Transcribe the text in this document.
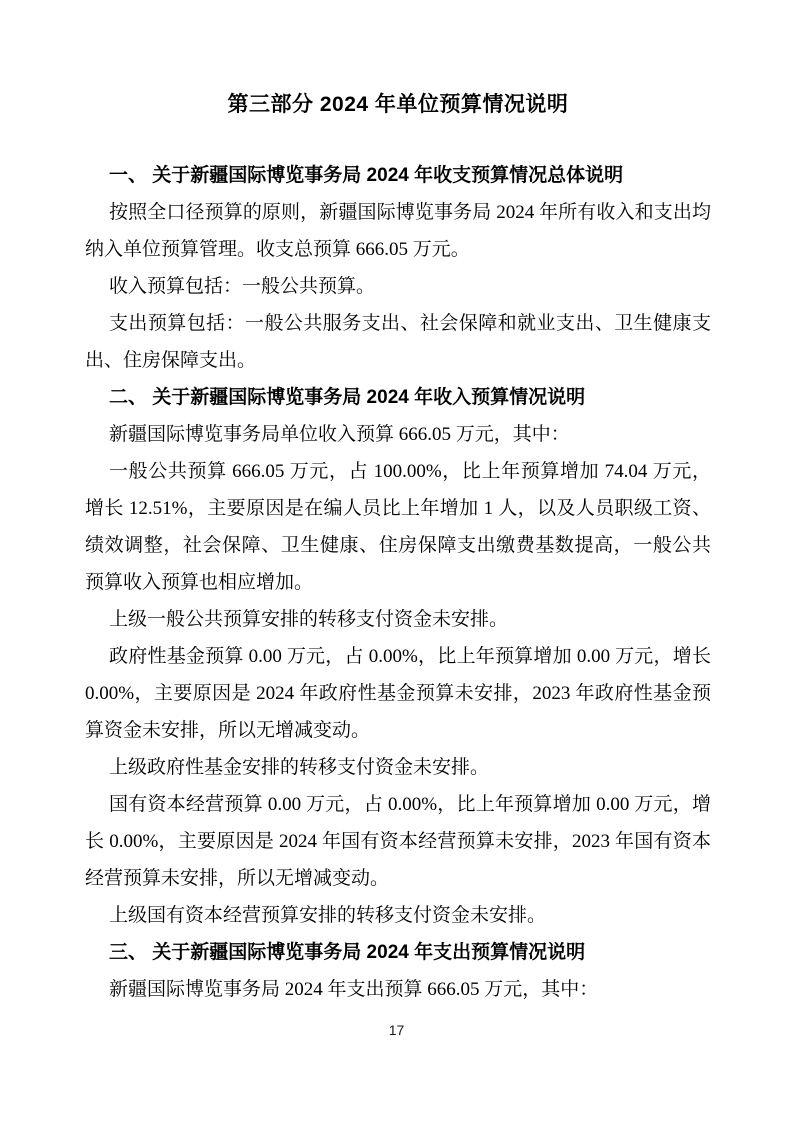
第三部分 2024 年单位预算情况说明

一、 关于新疆国际博览事务局 2024 年收支预算情况总体说明

按照全口径预算的原则，新疆国际博览事务局 2024 年所有收入和支出均纳入单位预算管理。收支总预算 666.05 万元。

收入预算包括：一般公共预算。

支出预算包括：一般公共服务支出、社会保障和就业支出、卫生健康支出、住房保障支出。

二、 关于新疆国际博览事务局 2024 年收入预算情况说明

新疆国际博览事务局单位收入预算 666.05 万元，其中：

一般公共预算 666.05 万元，占 100.00%，比上年预算增加 74.04 万元，增长 12.51%，主要原因是在编人员比上年增加 1 人，以及人员职级工资、绩效调整，社会保障、卫生健康、住房保障支出缴费基数提高，一般公共预算收入预算也相应增加。

上级一般公共预算安排的转移支付资金未安排。

政府性基金预算 0.00 万元，占 0.00%，比上年预算增加 0.00 万元，增长 0.00%，主要原因是 2024 年政府性基金预算未安排，2023 年政府性基金预算资金未安排，所以无增减变动。

上级政府性基金安排的转移支付资金未安排。

国有资本经营预算 0.00 万元，占 0.00%，比上年预算增加 0.00 万元，增长 0.00%，主要原因是 2024 年国有资本经营预算未安排，2023 年国有资本经营预算未安排，所以无增减变动。

上级国有资本经营预算安排的转移支付资金未安排。

三、 关于新疆国际博览事务局 2024 年支出预算情况说明

新疆国际博览事务局 2024 年支出预算 666.05 万元，其中：

17
